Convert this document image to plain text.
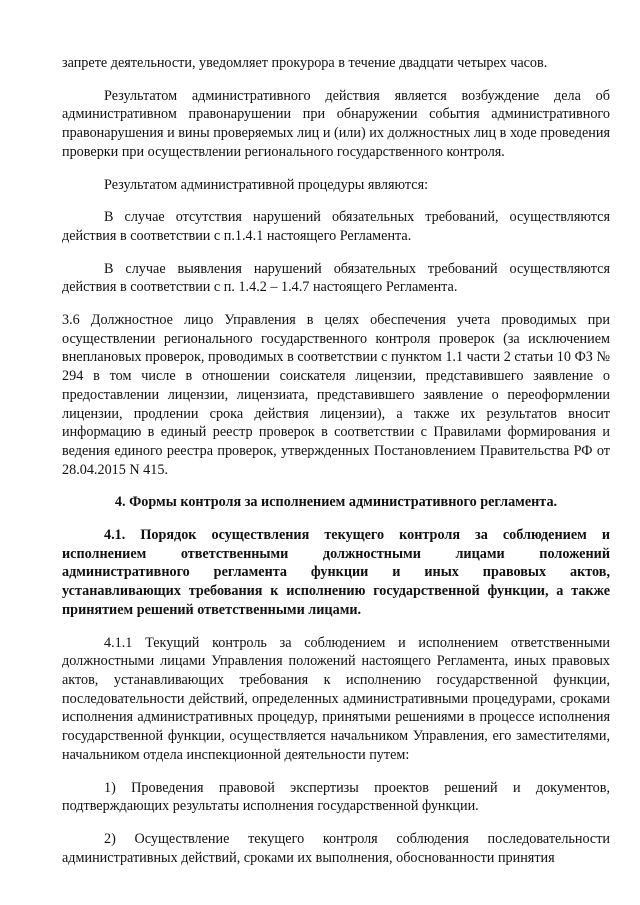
запрете деятельности, уведомляет прокурора в течение двадцати четырех часов.

Результатом административного действия является возбуждение дела об административном правонарушении при обнаружении события административного правонарушения и вины проверяемых лиц и (или) их должностных лиц в ходе проведения проверки при осуществлении регионального государственного контроля.

Результатом административной процедуры являются:

В случае отсутствия нарушений обязательных требований, осуществляются действия в соответствии с п.1.4.1 настоящего Регламента.

В случае выявления нарушений обязательных требований осуществляются действия в соответствии с п. 1.4.2 – 1.4.7 настоящего Регламента.

3.6 Должностное лицо Управления в целях обеспечения учета проводимых при осуществлении регионального государственного контроля проверок (за исключением внеплановых проверок, проводимых в соответствии с пунктом 1.1 части 2 статьи 10 ФЗ № 294 в том числе в отношении соискателя лицензии, представившего заявление о предоставлении лицензии, лицензиата, представившего заявление о переоформлении лицензии, продлении срока действия лицензии), а также их результатов вносит информацию в единый реестр проверок в соответствии с Правилами формирования и ведения единого реестра проверок, утвержденных Постановлением Правительства РФ от 28.04.2015 N 415.

4. Формы контроля за исполнением административного регламента.

4.1. Порядок осуществления текущего контроля за соблюдением и исполнением ответственными должностными лицами положений административного регламента функции и иных правовых актов, устанавливающих требования к исполнению государственной функции, а также принятием решений ответственными лицами.

4.1.1 Текущий контроль за соблюдением и исполнением ответственными должностными лицами Управления положений настоящего Регламента, иных правовых актов, устанавливающих требования к исполнению государственной функции, последовательности действий, определенных административными процедурами, сроками исполнения административных процедур, принятыми решениями в процессе исполнения государственной функции, осуществляется начальником Управления, его заместителями, начальником отдела инспекционной деятельности путем:

1) Проведения правовой экспертизы проектов решений и документов, подтверждающих результаты исполнения государственной функции.

2) Осуществление текущего контроля соблюдения последовательности административных действий, сроками их выполнения, обоснованности принятия
